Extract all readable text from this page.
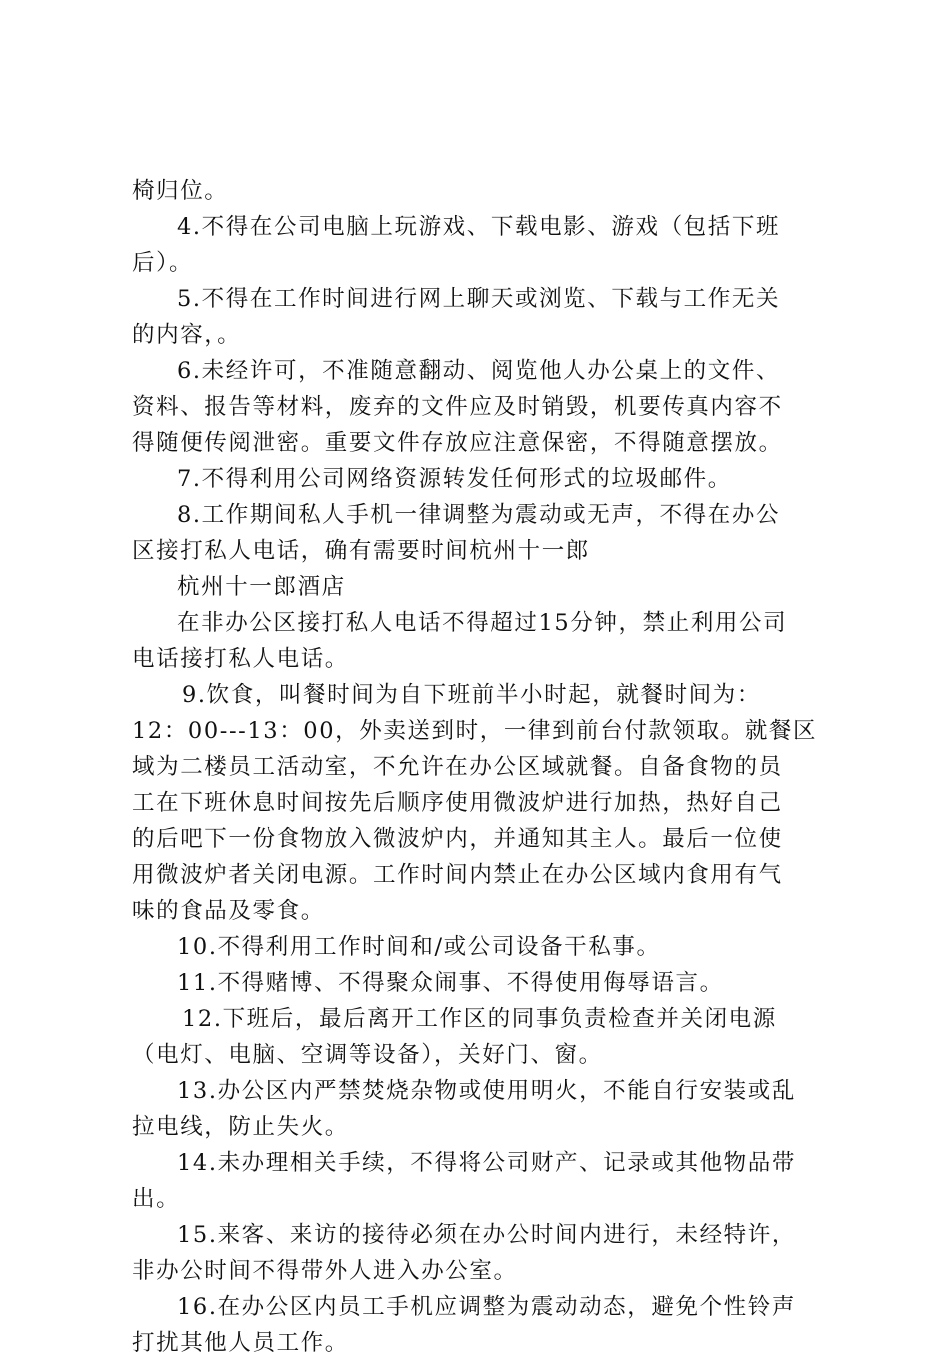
椅归位。
4.不得在公司电脑上玩游戏、下载电影、游戏（包括下班
后）。
5.不得在工作时间进行网上聊天或浏览、下载与工作无关
的内容，。
6.未经许可，不准随意翻动、阅览他人办公桌上的文件、
资料、报告等材料，废弃的文件应及时销毁，机要传真内容不
得随便传阅泄密。重要文件存放应注意保密，不得随意摆放。
7.不得利用公司网络资源转发任何形式的垃圾邮件。
8.工作期间私人手机一律调整为震动或无声，不得在办公
区接打私人电话，确有需要时间杭州十一郎
杭州十一郎酒店
在非办公区接打私人电话不得超过15分钟，禁止利用公司
电话接打私人电话。
9.饮食，叫餐时间为自下班前半小时起，就餐时间为：
12：00---13：00，外卖送到时，一律到前台付款领取。就餐区
域为二楼员工活动室，不允许在办公区域就餐。自备食物的员
工在下班休息时间按先后顺序使用微波炉进行加热，热好自己
的后吧下一份食物放入微波炉内，并通知其主人。最后一位使
用微波炉者关闭电源。工作时间内禁止在办公区域内食用有气
味的食品及零食。
10.不得利用工作时间和/或公司设备干私事。
11.不得赌博、不得聚众闹事、不得使用侮辱语言。
12.下班后，最后离开工作区的同事负责检查并关闭电源
（电灯、电脑、空调等设备），关好门、窗。
13.办公区内严禁焚烧杂物或使用明火，不能自行安装或乱
拉电线，防止失火。
14.未办理相关手续，不得将公司财产、记录或其他物品带
出。
15.来客、来访的接待必须在办公时间内进行，未经特许，
非办公时间不得带外人进入办公室。
16.在办公区内员工手机应调整为震动动态，避免个性铃声
打扰其他人员工作。
